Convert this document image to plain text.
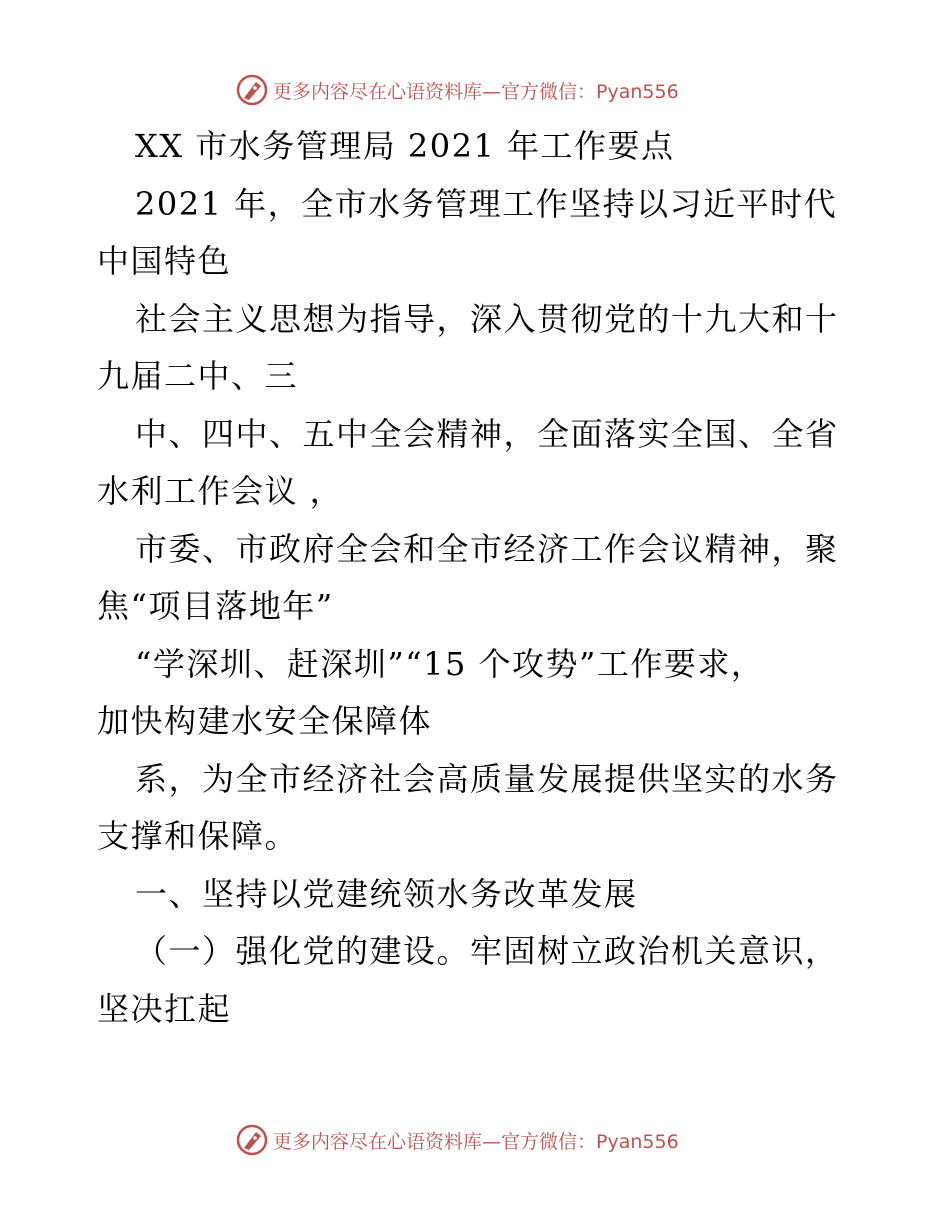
更多内容尽在心语资料库—官方微信：Pyan556
XX 市水务管理局 2021 年工作要点
2021 年，全市水务管理工作坚持以习近平时代
中国特色
社会主义思想为指导，深入贯彻党的十九大和十
九届二中、三
中、四中、五中全会精神，全面落实全国、全省
水利工作会议 ，
市委、市政府全会和全市经济工作会议精神，聚
焦“项目落地年”
“学深圳、赶深圳”“15 个攻势”工作要求，
加快构建水安全保障体
系，为全市经济社会高质量发展提供坚实的水务
支撑和保障。
一、坚持以党建统领水务改革发展
（一）强化党的建设。牢固树立政治机关意识，
坚决扛起
更多内容尽在心语资料库—官方微信：Pyan556
